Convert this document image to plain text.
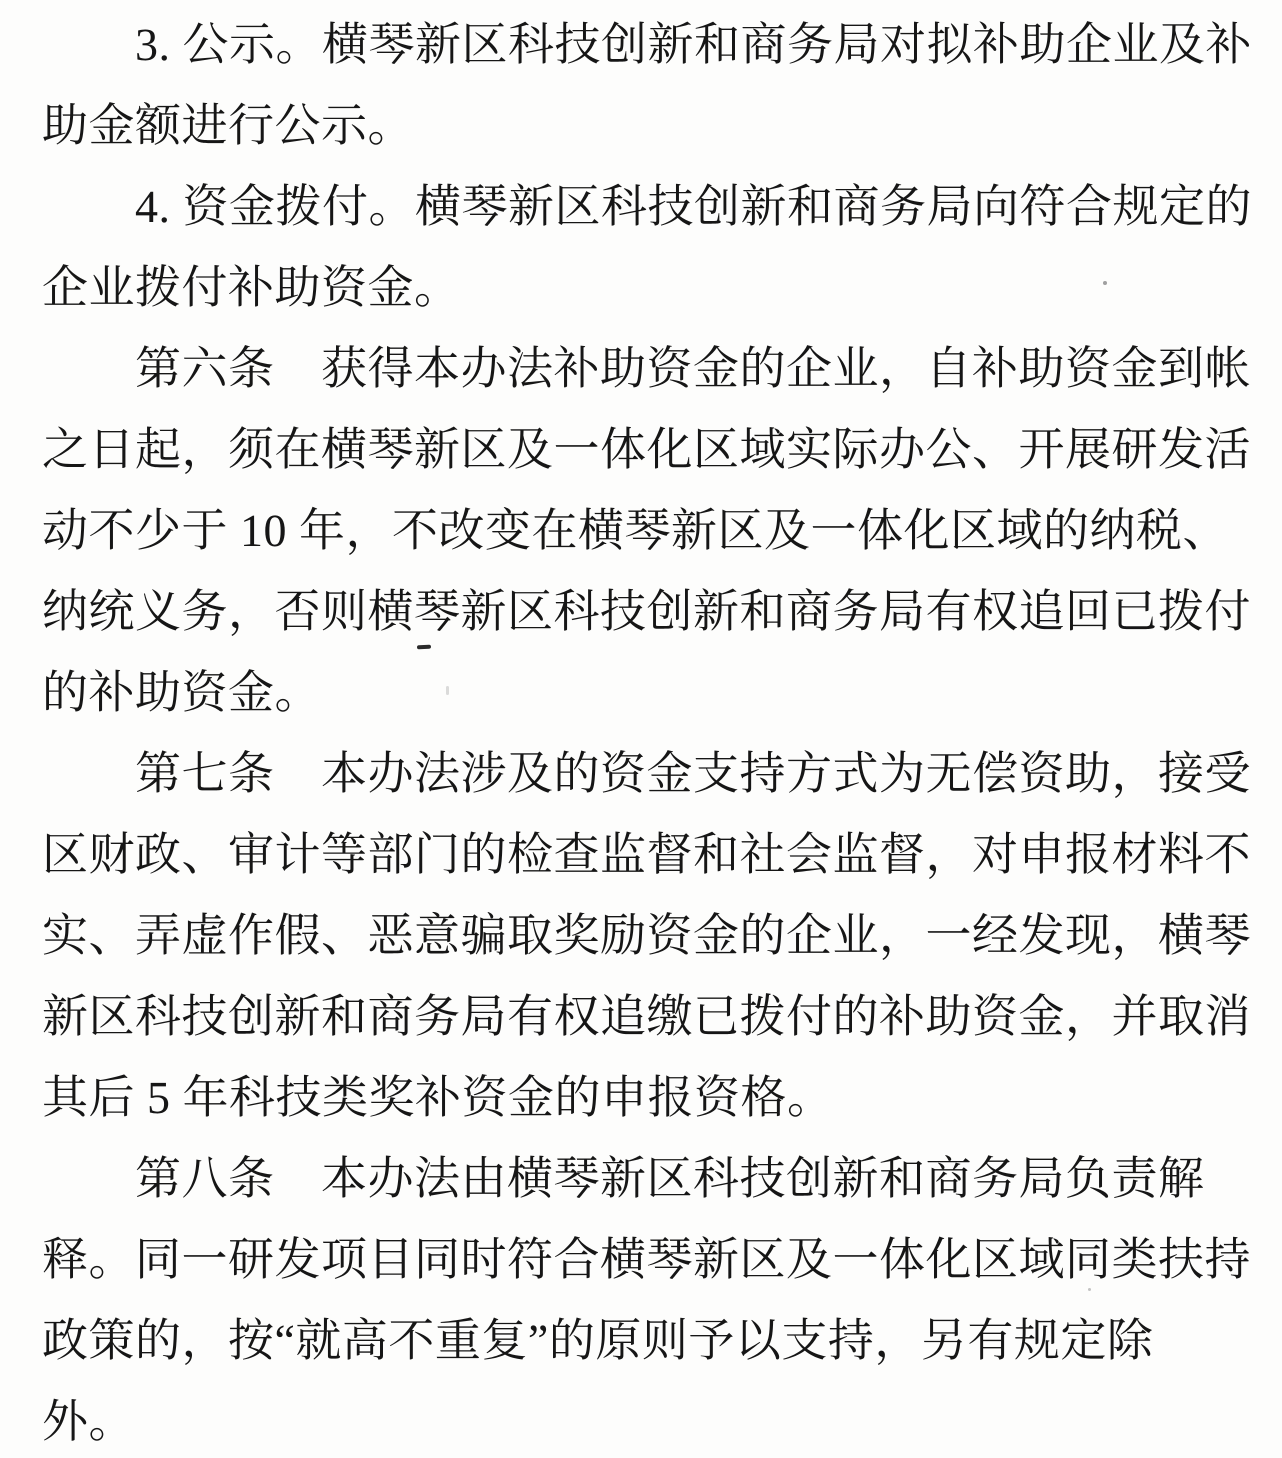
　　3. 公示。横琴新区科技创新和商务局对拟补助企业及补
助金额进行公示。
　　4. 资金拨付。横琴新区科技创新和商务局向符合规定的
企业拨付补助资金。
　　第六条　获得本办法补助资金的企业，自补助资金到帐
之日起，须在横琴新区及一体化区域实际办公、开展研发活
动不少于 10 年，不改变在横琴新区及一体化区域的纳税、
纳统义务，否则横琴新区科技创新和商务局有权追回已拨付
的补助资金。
　　第七条　本办法涉及的资金支持方式为无偿资助，接受
区财政、审计等部门的检查监督和社会监督，对申报材料不
实、弄虚作假、恶意骗取奖励资金的企业，一经发现，横琴
新区科技创新和商务局有权追缴已拨付的补助资金，并取消
其后 5 年科技类奖补资金的申报资格。
　　第八条　本办法由横琴新区科技创新和商务局负责解
释。同一研发项目同时符合横琴新区及一体化区域同类扶持
政策的，按“就高不重复”的原则予以支持，另有规定除
外。
